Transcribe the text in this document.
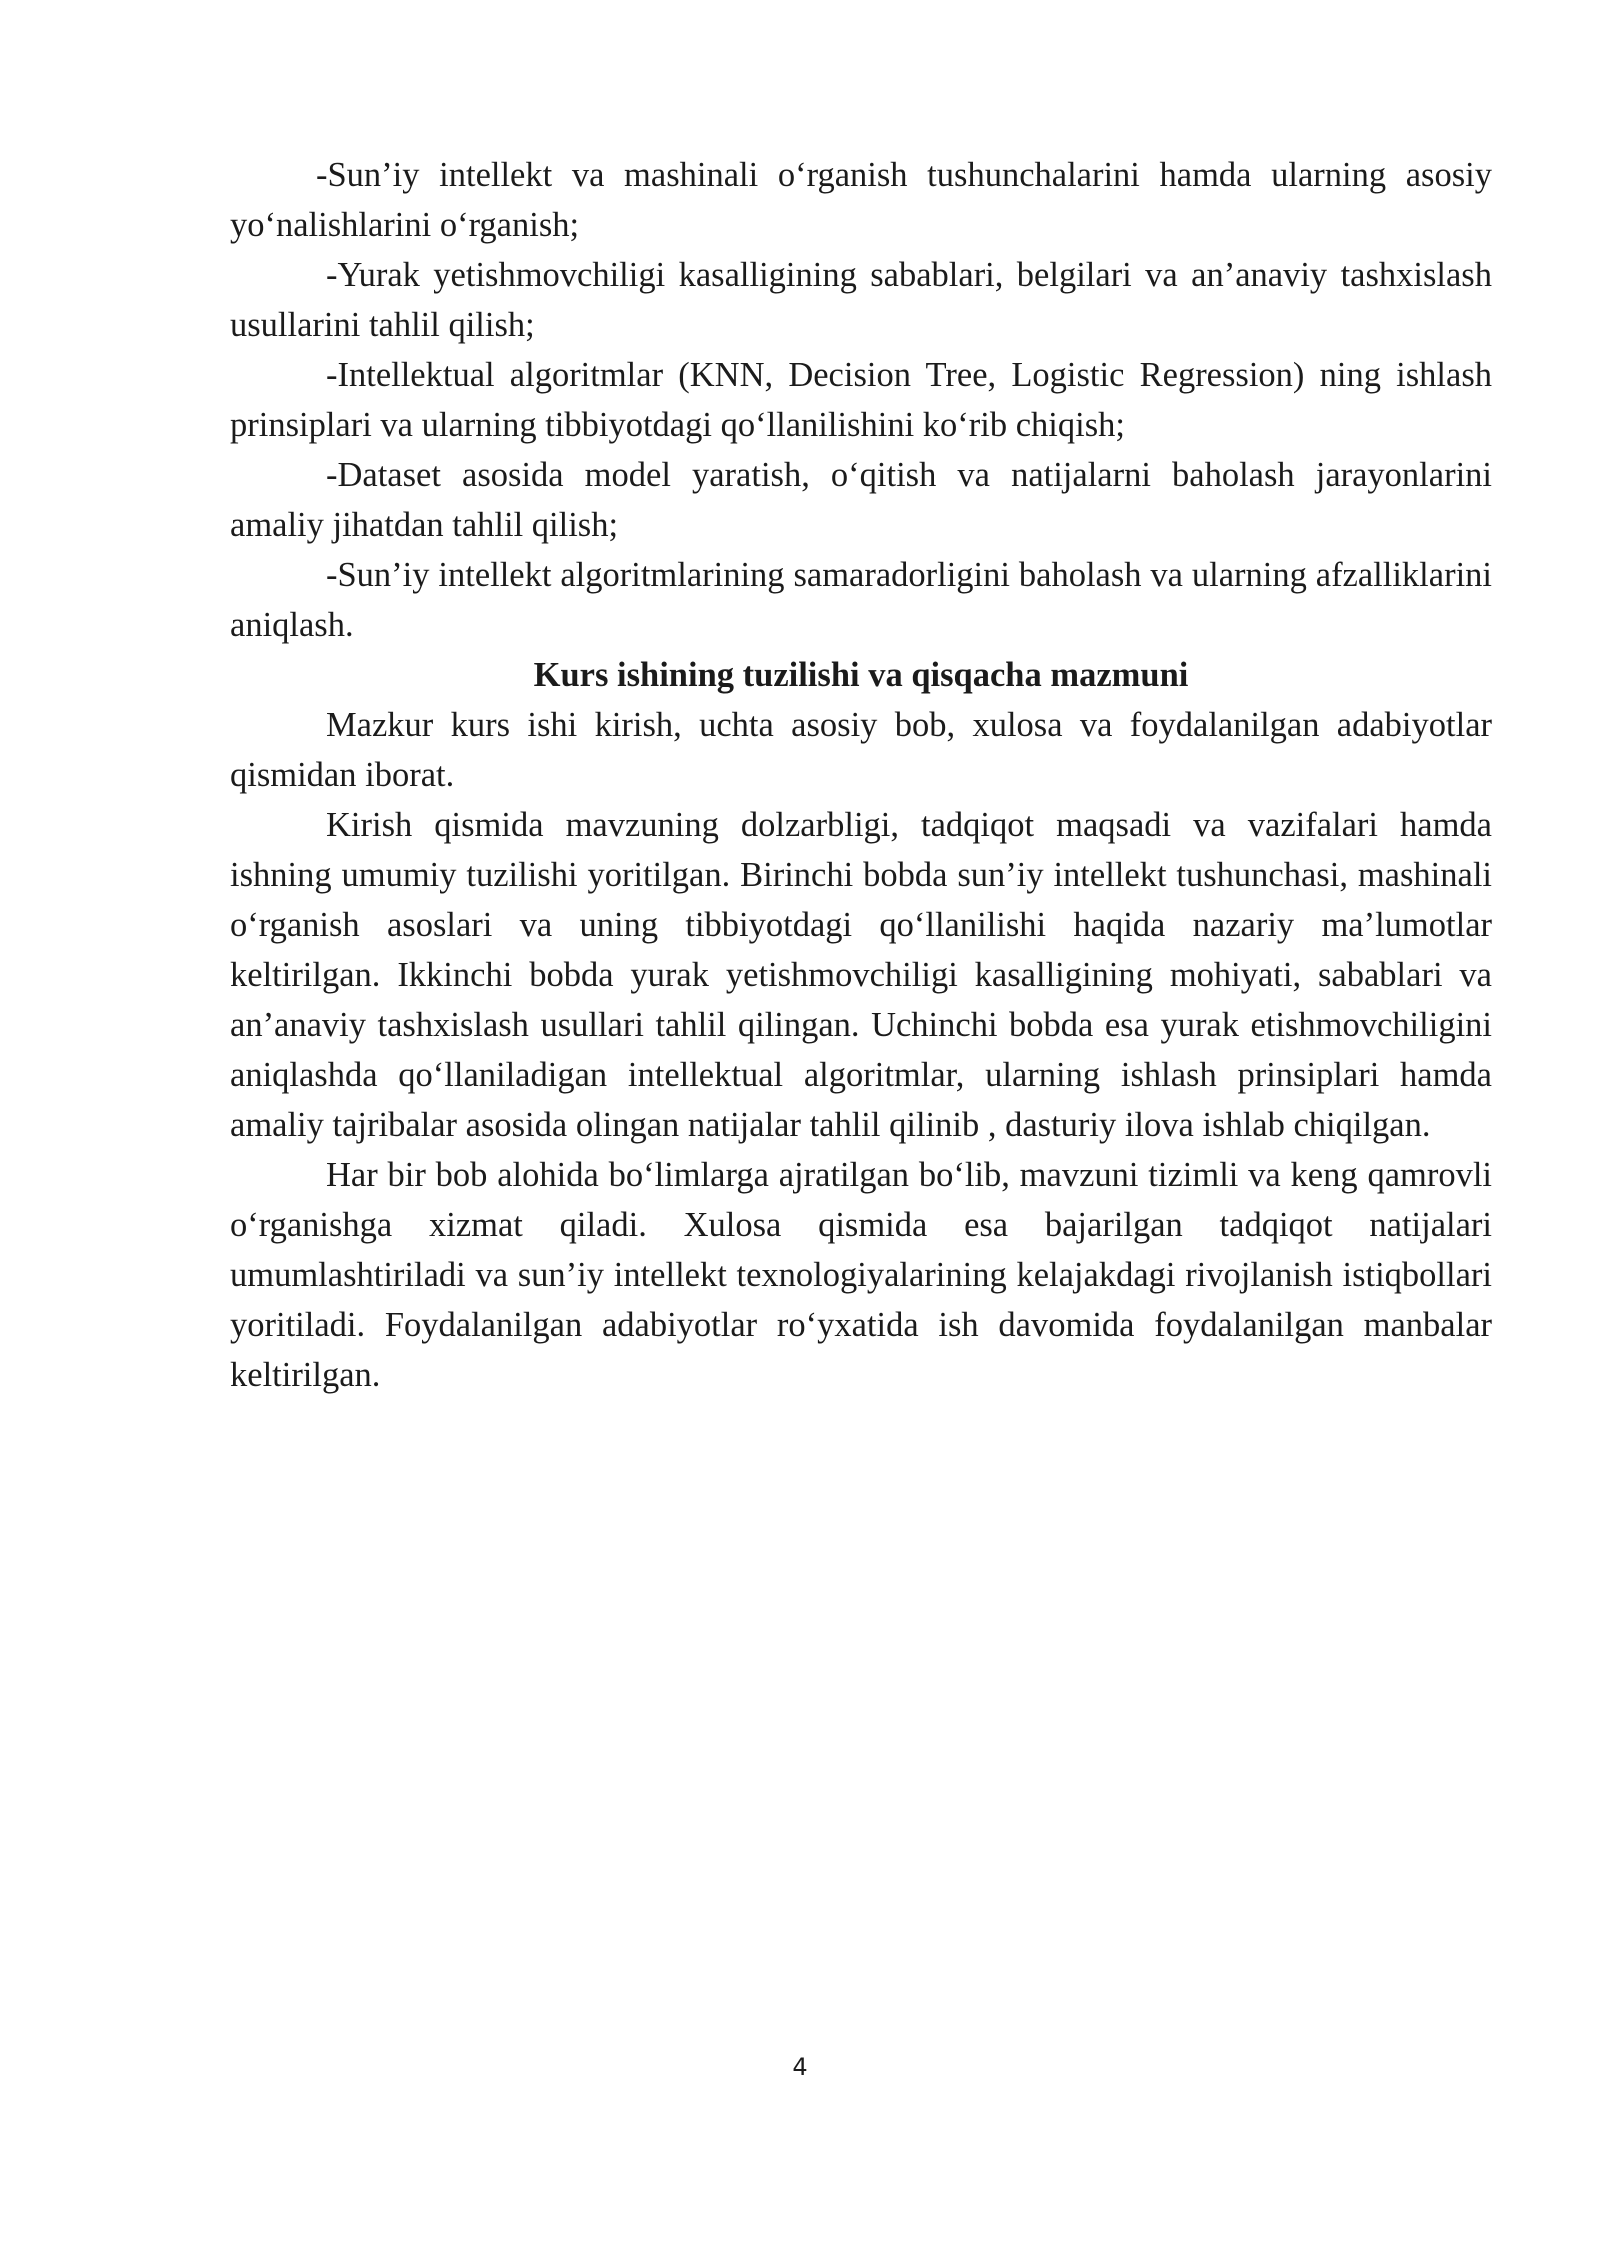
-Sun’iy intellekt va mashinali o‘rganish tushunchalarini hamda ularning asosiy yo‘nalishlarini o‘rganish;

-Yurak yetishmovchiligi kasalligining sabablari, belgilari va an’anaviy tashxislash usullarini tahlil qilish;

-Intellektual algoritmlar (KNN, Decision Tree, Logistic Regression) ning ishlash prinsiplari va ularning tibbiyotdagi qo‘llanilishini ko‘rib chiqish;

-Dataset asosida model yaratish, o‘qitish va natijalarni baholash jarayonlarini amaliy jihatdan tahlil qilish;

-Sun’iy intellekt algoritmlarining samaradorligini baholash va ularning afzalliklarini aniqlash.

Kurs ishining tuzilishi va qisqacha mazmuni

Mazkur kurs ishi kirish, uchta asosiy bob, xulosa va foydalanilgan adabiyotlar qismidan iborat.

Kirish qismida mavzuning dolzarbligi, tadqiqot maqsadi va vazifalari hamda ishning umumiy tuzilishi yoritilgan. Birinchi bobda sun’iy intellekt tushunchasi, mashinali o‘rganish asoslari va uning tibbiyotdagi qo‘llanilishi haqida nazariy ma’lumotlar keltirilgan. Ikkinchi bobda yurak yetishmovchiligi kasalligining mohiyati, sabablari va an’anaviy tashxislash usullari tahlil qilingan. Uchinchi bobda esa yurak etishmovchiligini aniqlashda qo‘llaniladigan intellektual algoritmlar, ularning ishlash prinsiplari hamda amaliy tajribalar asosida olingan natijalar tahlil qilinib , dasturiy ilova ishlab chiqilgan.

Har bir bob alohida bo‘limlarga ajratilgan bo‘lib, mavzuni tizimli va keng qamrovli o‘rganishga xizmat qiladi. Xulosa qismida esa bajarilgan tadqiqot natijalari umumlashtiriladi va sun’iy intellekt texnologiyalarining kelajakdagi rivojlanish istiqbollari yoritiladi. Foydalanilgan adabiyotlar ro‘yxatida ish davomida foydalanilgan manbalar keltirilgan.

4
